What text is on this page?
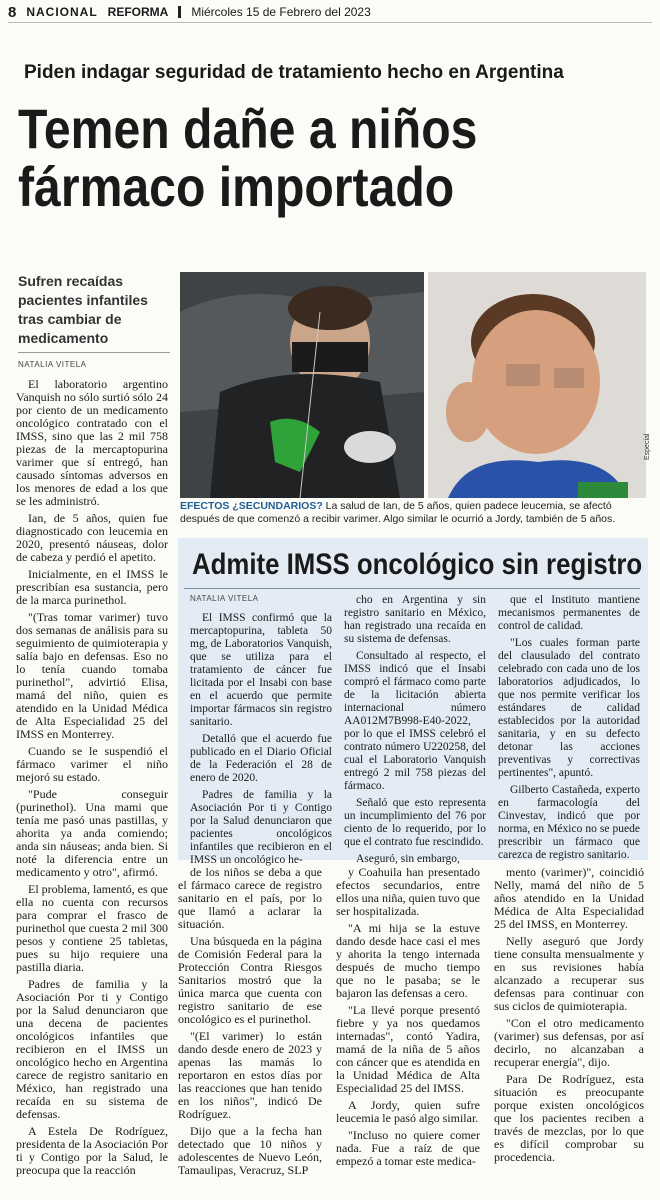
8 NACIONAL REFORMA Miércoles 15 de Febrero del 2023
Piden indagar seguridad de tratamiento hecho en Argentina
Temen dañe a niños
fármaco importado
Sufren recaídas pacientes infantiles tras cambiar de medicamento
NATALIA VITELA

El laboratorio argentino Vanquish no sólo surtió sólo 24 por ciento de un medicamento oncológico contratado con el IMSS, sino que las 2 mil 758 piezas de la mercaptopurina varimer que sí entregó, han causado síntomas adversos en los menores de edad a los que se les administró.

Ian, de 5 años, quien fue diagnosticado con leucemia en 2020, presentó náuseas, dolor de cabeza y perdió el apetito.

Inicialmente, en el IMSS le prescribían esa sustancia, pero de la marca purinethol.

"(Tras tomar varimer) tuvo dos semanas de análisis para su seguimiento de quimioterapia y salía bajo en defensas. Eso no lo tenía cuando tomaba purinethol", advirtió Elisa, mamá del niño, quien es atendido en la Unidad Médica de Alta Especialidad 25 del IMSS en Monterrey.

Cuando se le suspendió el fármaco varimer el niño mejoró su estado.

"Pude conseguir (purinethol). Una mami que tenía me pasó unas pastillas, y ahorita ya anda comiendo; anda sin náuseas; anda bien. Si noté la diferencia entre un medicamento y otro", afirmó.

El problema, lamentó, es que ella no cuenta con recursos para comprar el frasco de purinethol que cuesta 2 mil 300 pesos y contiene 25 tabletas, pues su hijo requiere una pastilla diaria.

Padres de familia y la Asociación Por ti y Contigo por la Salud denunciaron que una decena de pacientes oncológicos infantiles que recibieron en el IMSS un oncológico hecho en Argentina carece de registro sanitario en México, han registrado una recaída en su sistema de defensas.

A Estela De Rodríguez, presidenta de la Asociación Por ti y Contigo por la Salud, le preocupa que la reacción

Especial
EFECTOS ¿SECUNDARIOS? La salud de Ian, de 5 años, quien padece leucemia, se afectó después de que comenzó a recibir varimer. Algo similar le ocurrió a Jordy, también de 5 años.
Admite IMSS oncológico sin registro
NATALIA VITELA

El IMSS confirmó que la mercaptopurina, tableta 50 mg, de Laboratorios Vanquish, que se utiliza para el tratamiento de cáncer fue licitada por el Insabi con base en el acuerdo que permite importar fármacos sin registro sanitario.

Detalló que el acuerdo fue publicado en el Diario Oficial de la Federación el 28 de enero de 2020.

Padres de familia y la Asociación Por ti y Contigo por la Salud denunciaron que pacientes oncológicos infantiles que recibieron en el IMSS un oncológico he-

cho en Argentina y sin registro sanitario en México, han registrado una recaída en su sistema de defensas.

Consultado al respecto, el IMSS indicó que el Insabi compró el fármaco como parte de la licitación abierta internacional número AA012M7B998-E40-2022, por lo que el IMSS celebró el contrato número U220258, del cual el Laboratorio Vanquish entregó 2 mil 758 piezas del fármaco.

Señaló que esto representa un incumplimiento del 76 por ciento de lo requerido, por lo que el contrato fue rescindido.

Aseguró, sin embargo,

que el Instituto mantiene mecanismos permanentes de control de calidad.

"Los cuales forman parte del clausulado del contrato celebrado con cada uno de los laboratorios adjudicados, lo que nos permite verificar los estándares de calidad establecidos por la autoridad sanitaria, y en su defecto detonar las acciones preventivas y correctivas pertinentes", apuntó.

Gilberto Castañeda, experto en farmacología del Cinvestav, indicó que por norma, en México no se puede prescribir un fármaco que carezca de registro sanitario.

de los niños se deba a que el fármaco carece de registro sanitario en el país, por lo que llamó a aclarar la situación.

Una búsqueda en la página de Comisión Federal para la Protección Contra Riesgos Sanitarios mostró que la única marca que cuenta con registro sanitario de ese oncológico es el purinethol.

"(El varimer) lo están dando desde enero de 2023 y apenas las mamás lo reportaron en estos días por las reacciones que han tenido en los niños", indicó De Rodríguez.

Dijo que a la fecha han detectado que 10 niños y adolescentes de Nuevo León, Tamaulipas, Veracruz, SLP

y Coahuila han presentado efectos secundarios, entre ellos una niña, quien tuvo que ser hospitalizada.

"A mi hija se la estuve dando desde hace casi el mes y ahorita la tengo internada después de mucho tiempo que no le pasaba; se le bajaron las defensas a cero.

"La llevé porque presentó fiebre y ya nos quedamos internadas", contó Yadira, mamá de la niña de 5 años con cáncer que es atendida en la Unidad Médica de Alta Especialidad 25 del IMSS.

A Jordy, quien sufre leucemia le pasó algo similar.

"Incluso no quiere comer nada. Fue a raíz de que empezó a tomar este medica-

mento (varimer)", coincidió Nelly, mamá del niño de 5 años atendido en la Unidad Médica de Alta Especialidad 25 del IMSS, en Monterrey.

Nelly aseguró que Jordy tiene consulta mensualmente y en sus revisiones había alcanzado a recuperar sus defensas para continuar con sus ciclos de quimioterapia.

"Con el otro medicamento (varimer) sus defensas, por así decirlo, no alcanzaban a recuperar energía", dijo.

Para De Rodríguez, esta situación es preocupante porque existen oncológicos que los pacientes reciben a través de mezclas, por lo que es difícil comprobar su procedencia.
